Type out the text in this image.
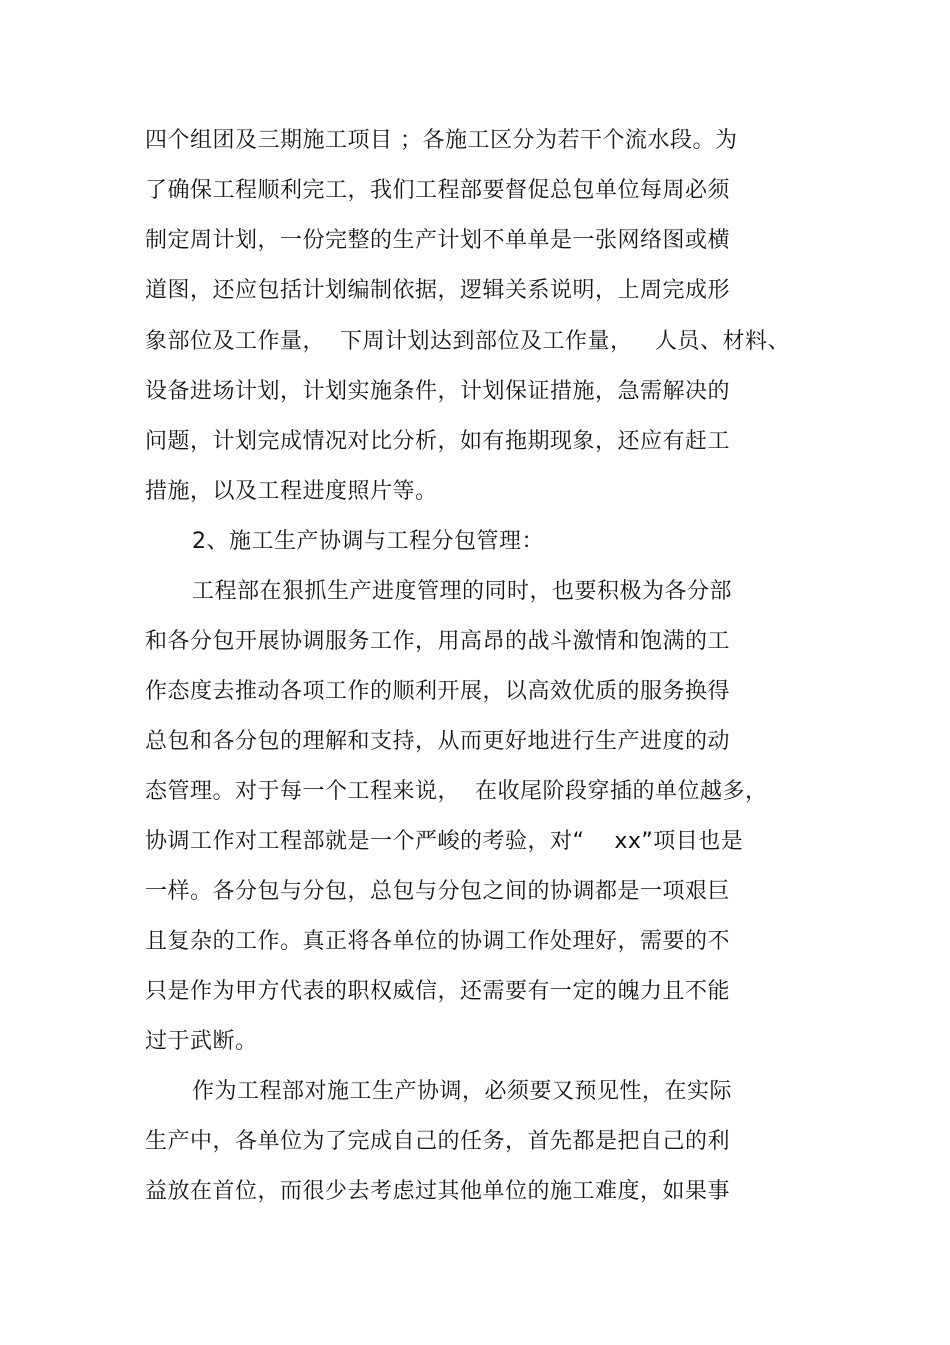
四个组团及三期施工项目 ；各施工区分为若干个流水段。为
了确保工程顺利完工，我们工程部要督促总包单位每周必须
制定周计划，一份完整的生产计划不单单是一张网络图或横
道图，还应包括计划编制依据，逻辑关系说明，上周完成形
象部位及工作量，  下周计划达到部位及工作量，   人员、材料、
设备进场计划，计划实施条件，计划保证措施，急需解决的
问题，计划完成情况对比分析，如有拖期现象，还应有赶工
措施，以及工程进度照片等。
2、施工生产协调与工程分包管理：
工程部在狠抓生产进度管理的同时，也要积极为各分部
和各分包开展协调服务工作，用高昂的战斗激情和饱满的工
作态度去推动各项工作的顺利开展，以高效优质的服务换得
总包和各分包的理解和支持，从而更好地进行生产进度的动
态管理。对于每一个工程来说，  在收尾阶段穿插的单位越多，
协调工作对工程部就是一个严峻的考验，对“    xx”项目也是
一样。各分包与分包，总包与分包之间的协调都是一项艰巨
且复杂的工作。真正将各单位的协调工作处理好，需要的不
只是作为甲方代表的职权威信，还需要有一定的魄力且不能
过于武断。
作为工程部对施工生产协调，必须要又预见性，在实际
生产中，各单位为了完成自己的任务，首先都是把自己的利
益放在首位，而很少去考虑过其他单位的施工难度，如果事
